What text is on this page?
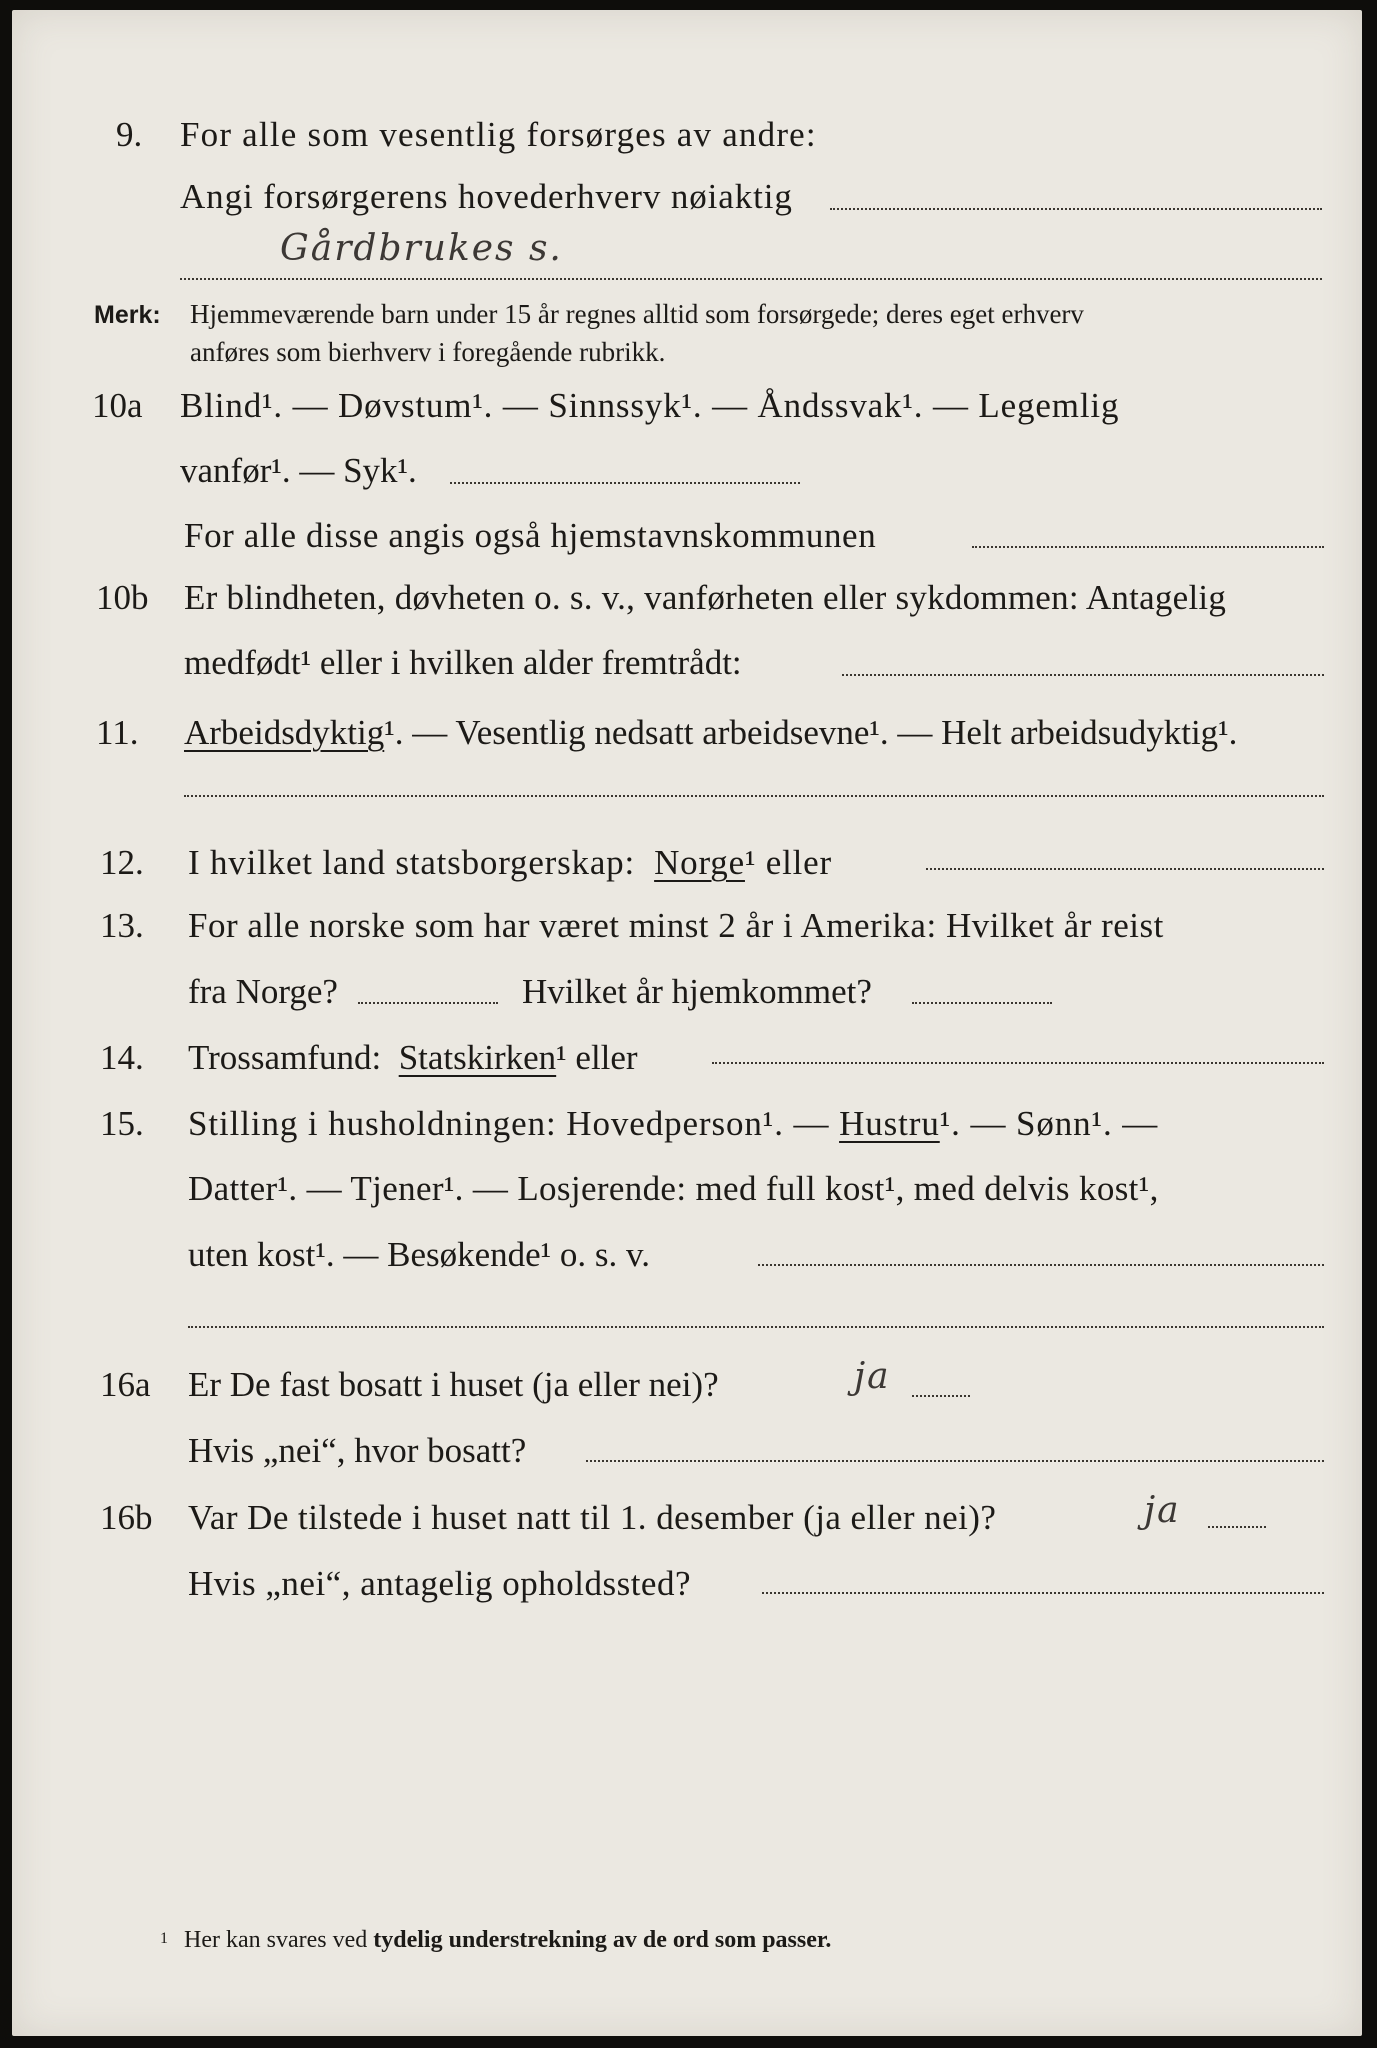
9. For alle som vesentlig forsørges av andre:
Angi forsørgerens hovederhverv nøiaktig
Gårdbrukes s.
Merk: Hjemmeværende barn under 15 år regnes alltid som forsørgede; deres eget erhverv
anføres som bierhverv i foregående rubrikk.
10a Blind¹. — Døvstum¹. — Sinnssyk¹. — Åndssvak¹. — Legemlig
vanfør¹. — Syk¹.
For alle disse angis også hjemstavnskommunen
10b Er blindheten, døvheten o. s. v., vanførheten eller sykdommen: Antagelig
medfødt¹ eller i hvilken alder fremtrådt:
11. Arbeidsdyktig¹. — Vesentlig nedsatt arbeidsevne¹. — Helt arbeidsudyktig¹.
12. I hvilket land statsborgerskap: Norge¹ eller
13. For alle norske som har været minst 2 år i Amerika: Hvilket år reist
fra Norge?	Hvilket år hjemkommet?
14. Trossamfund: Statskirken¹ eller
15. Stilling i husholdningen: Hovedperson¹. — Hustru¹. — Sønn¹. —
Datter¹. — Tjener¹. — Losjerende: med full kost¹, med delvis kost¹,
uten kost¹. — Besøkende¹ o. s. v.
16a Er De fast bosatt i huset (ja eller nei)?	ja
Hvis „nei“, hvor bosatt?
16b Var De tilstede i huset natt til 1. desember (ja eller nei)?	ja
Hvis „nei“, antagelig opholdssted?
1 Her kan svares ved tydelig understrekning av de ord som passer.
